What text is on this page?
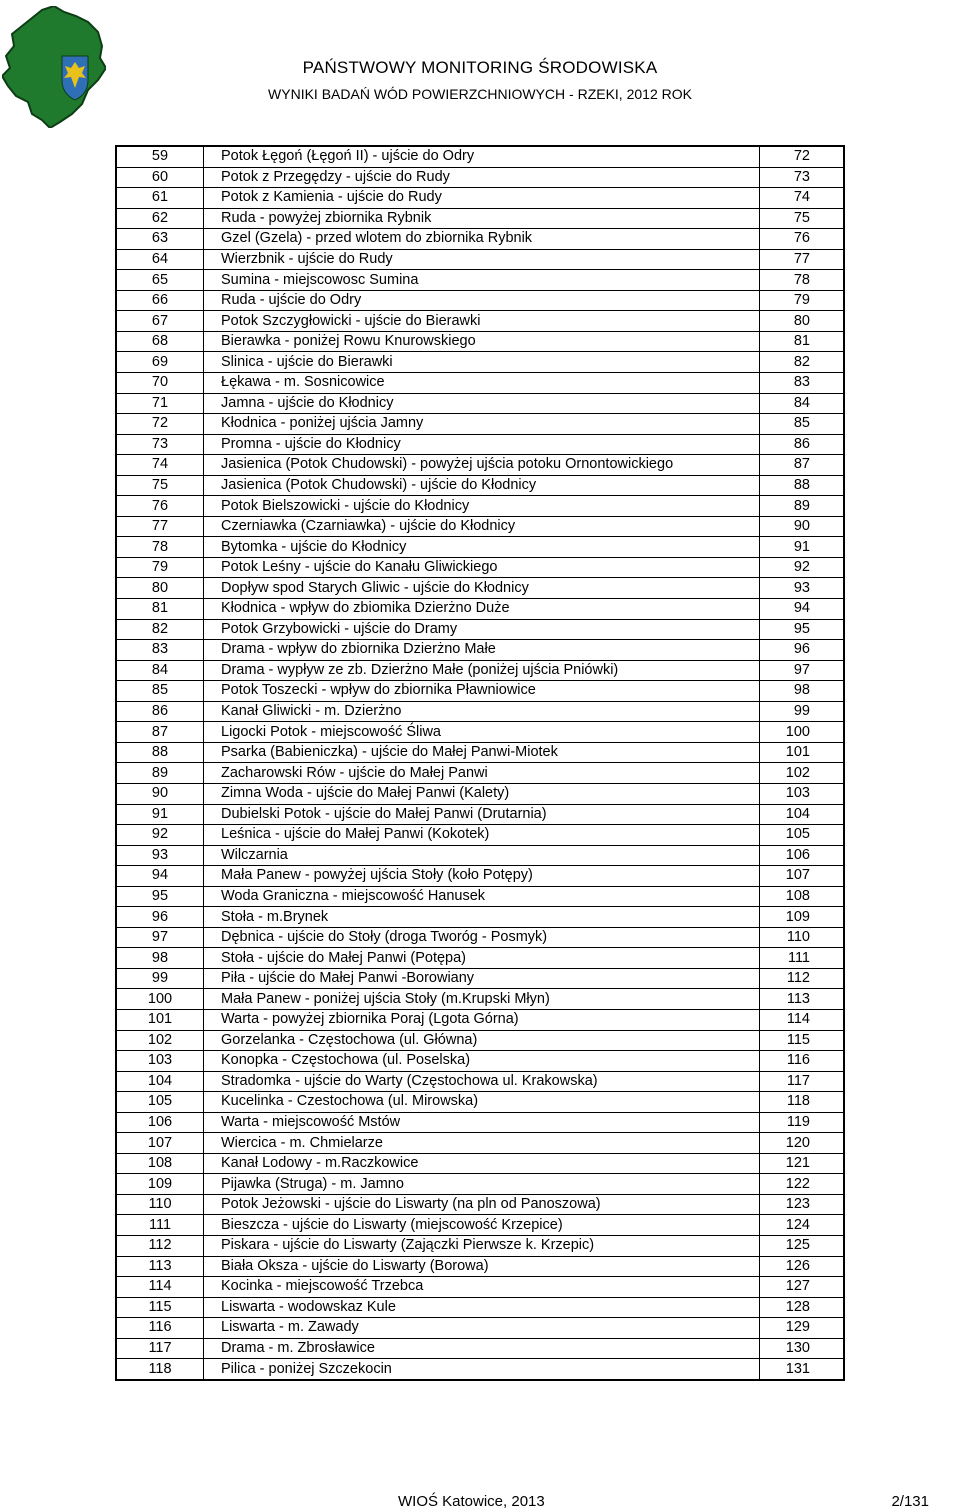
PAŃSTWOWY MONITORING ŚRODOWISKA
WYNIKI BADAŃ WÓD POWIERZCHNIOWYCH - RZEKI, 2012 ROK
59	Potok Łęgoń (Łęgoń II) - ujście do Odry	72
60	Potok z Przegędzy - ujście do Rudy	73
61	Potok z Kamienia - ujście do Rudy	74
62	Ruda - powyżej zbiornika Rybnik	75
63	Gzel (Gzela) - przed wlotem do zbiornika Rybnik	76
64	Wierzbnik - ujście do Rudy	77
65	Sumina - miejscowosc Sumina	78
66	Ruda - ujście do Odry	79
67	Potok Szczygłowicki - ujście do Bierawki	80
68	Bierawka - poniżej Rowu Knurowskiego	81
69	Slinica - ujście do Bierawki	82
70	Łękawa - m. Sosnicowice	83
71	Jamna - ujście do Kłodnicy	84
72	Kłodnica - poniżej ujścia Jamny	85
73	Promna - ujście do Kłodnicy	86
74	Jasienica (Potok Chudowski) - powyżej ujścia potoku Ornontowickiego	87
75	Jasienica (Potok Chudowski) - ujście do Kłodnicy	88
76	Potok Bielszowicki - ujście do Kłodnicy	89
77	Czerniawka (Czarniawka) - ujście do Kłodnicy	90
78	Bytomka - ujście do Kłodnicy	91
79	Potok Leśny - ujście do Kanału Gliwickiego	92
80	Dopływ spod Starych Gliwic - ujście do Kłodnicy	93
81	Kłodnica - wpływ do zbiomika Dzierżno Duże	94
82	Potok Grzybowicki - ujście do Dramy	95
83	Drama - wpływ do zbiornika Dzierżno Małe	96
84	Drama - wypływ ze zb. Dzierżno Małe (poniżej ujścia Pniówki)	97
85	Potok Toszecki - wpływ do zbiornika Pławniowice	98
86	Kanał Gliwicki - m. Dzierżno	99
87	Ligocki Potok - miejscowość Śliwa	100
88	Psarka (Babieniczka) - ujście do Małej Panwi-Miotek	101
89	Zacharowski Rów - ujście do Małej Panwi	102
90	Zimna Woda - ujście do Małej Panwi (Kalety)	103
91	Dubielski Potok - ujście do Małej Panwi (Drutarnia)	104
92	Leśnica - ujście do Małej Panwi (Kokotek)	105
93	Wilczarnia	106
94	Mała Panew - powyżej ujścia Stoły (koło Potępy)	107
95	Woda Graniczna - miejscowość Hanusek	108
96	Stoła - m.Brynek	109
97	Dębnica - ujście do Stoły (droga Tworóg - Posmyk)	110
98	Stoła - ujście do Małej Panwi (Potępa)	111
99	Piła - ujście do Małej Panwi -Borowiany	112
100	Mała Panew - poniżej ujścia Stoły (m.Krupski Młyn)	113
101	Warta - powyżej zbiornika Poraj (Lgota Górna)	114
102	Gorzelanka - Częstochowa (ul. Główna)	115
103	Konopka - Częstochowa (ul. Poselska)	116
104	Stradomka - ujście do Warty (Częstochowa ul. Krakowska)	117
105	Kucelinka - Czestochowa (ul. Mirowska)	118
106	Warta - miejscowość Mstów	119
107	Wiercica - m. Chmielarze	120
108	Kanał Lodowy - m.Raczkowice	121
109	Pijawka (Struga) - m. Jamno	122
110	Potok Jeżowski - ujście do Liswarty (na pln od Panoszowa)	123
111	Bieszcza - ujście do Liswarty (miejscowość Krzepice)	124
112	Piskara - ujście do Liswarty (Zajączki Pierwsze k. Krzepic)	125
113	Biała Oksza - ujście do Liswarty (Borowa)	126
114	Kocinka - miejscowość Trzebca	127
115	Liswarta - wodowskaz Kule	128
116	Liswarta - m. Zawady	129
117	Drama - m. Zbrosławice	130
118	Pilica - poniżej Szczekocin	131
WIOŚ Katowice, 2013	2/131
